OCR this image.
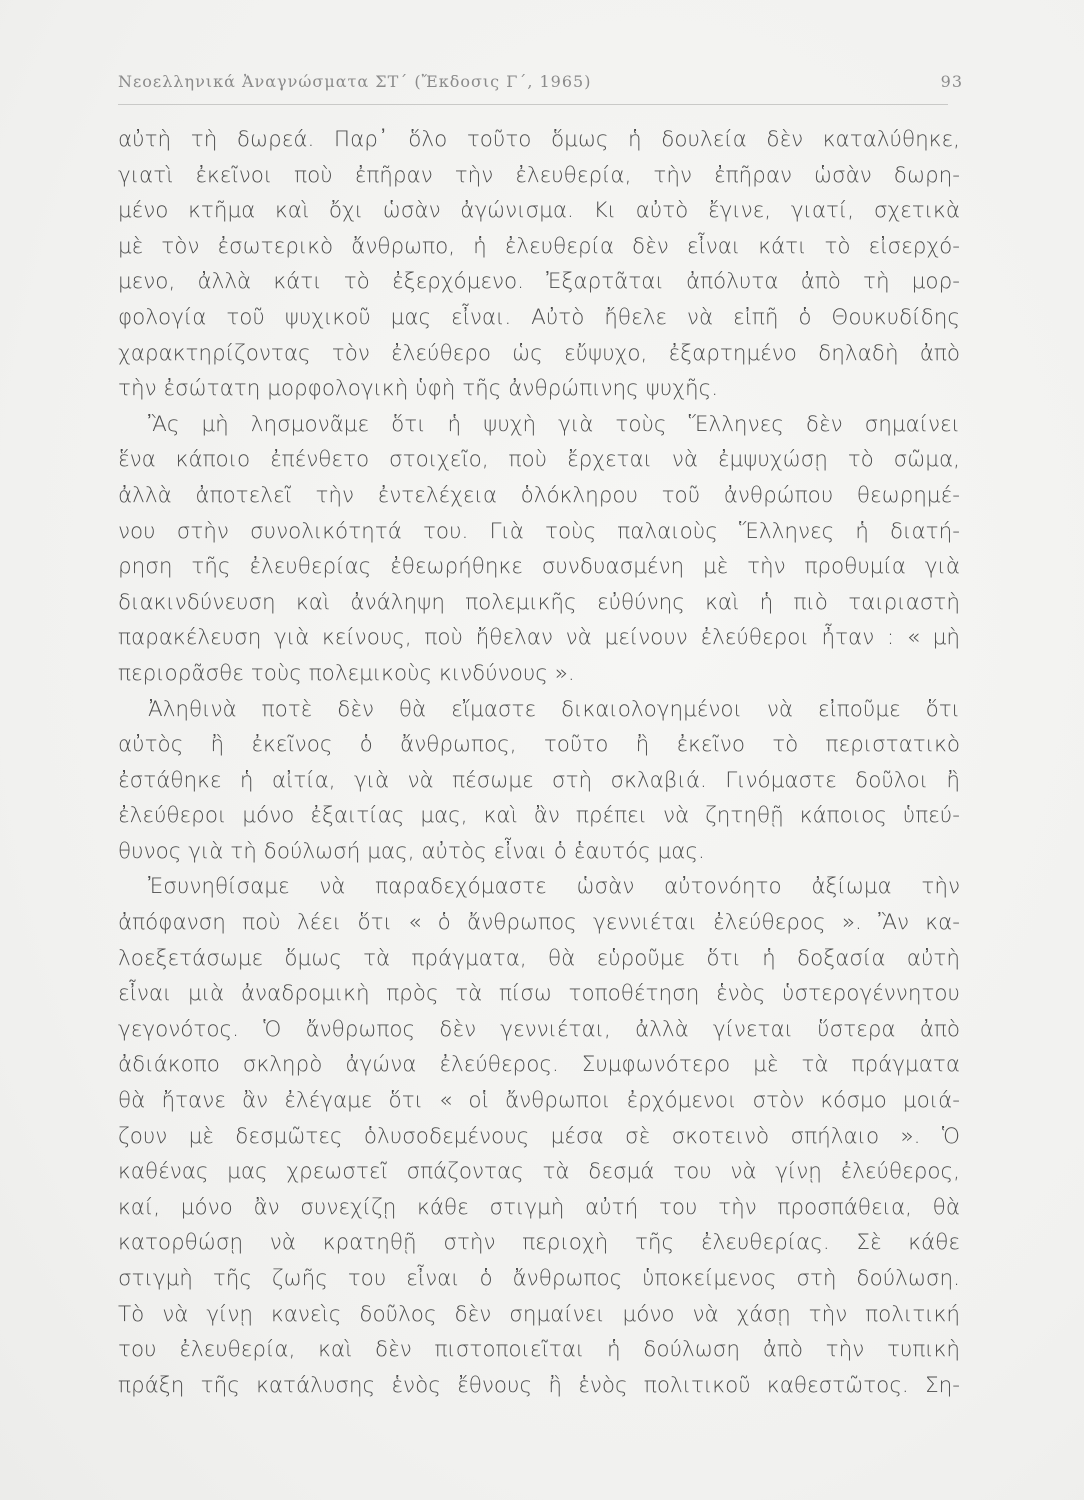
Νεοελληνικά Ἀναγνώσματα ΣΤ΄ (Ἔκδοσις Γ΄, 1965)	93
αὐτὴ τὴ δωρεά. Παρ᾽ ὅλο τοῦτο ὅμως ἡ δουλεία δὲν καταλύθηκε,
γιατὶ ἐκεῖνοι ποὺ ἐπῆραν τὴν ἐλευθερία, τὴν ἐπῆραν ὡσὰν δωρη-
μένο κτῆμα καὶ ὄχι ὡσὰν ἀγώνισμα. Κι αὐτὸ ἔγινε, γιατί, σχετικὰ
μὲ τὸν ἐσωτερικὸ ἄνθρωπο, ἡ ἐλευθερία δὲν εἶναι κάτι τὸ εἰσερχό-
μενο, ἀλλὰ κάτι τὸ ἐξερχόμενο. Ἐξαρτᾶται ἀπόλυτα ἀπὸ τὴ μορ-
φολογία τοῦ ψυχικοῦ μας εἶναι. Αὐτὸ ἤθελε νὰ εἰπῆ ὁ Θουκυδίδης
χαρακτηρίζοντας τὸν ἐλεύθερο ὡς εὔψυχο, ἐξαρτημένο δηλαδὴ ἀπὸ
τὴν ἐσώτατη μορφολογικὴ ὑφὴ τῆς ἀνθρώπινης ψυχῆς.
Ἂς μὴ λησμονᾶμε ὅτι ἡ ψυχὴ γιὰ τοὺς Ἕλληνες δὲν σημαίνει
ἕνα κάποιο ἐπένθετο στοιχεῖο, ποὺ ἔρχεται νὰ ἐμψυχώσῃ τὸ σῶμα,
ἀλλὰ ἀποτελεῖ τὴν ἐντελέχεια ὁλόκληρου τοῦ ἀνθρώπου θεωρημέ-
νου στὴν συνολικότητά του. Γιὰ τοὺς παλαιοὺς Ἕλληνες ἡ διατή-
ρηση τῆς ἐλευθερίας ἐθεωρήθηκε συνδυασμένη μὲ τὴν προθυμία γιὰ
διακινδύνευση καὶ ἀνάληψη πολεμικῆς εὐθύνης καὶ ἡ πιὸ ταιριαστὴ
παρακέλευση γιὰ κείνους, ποὺ ἤθελαν νὰ μείνουν ἐλεύθεροι ἦταν : « μὴ
περιορᾶσθε τοὺς πολεμικοὺς κινδύνους ».
Ἀληθινὰ ποτὲ δὲν θὰ εἴμαστε δικαιολογημένοι νὰ εἰποῦμε ὅτι
αὐτὸς ἢ ἐκεῖνος ὁ ἄνθρωπος, τοῦτο ἢ ἐκεῖνο τὸ περιστατικὸ
ἐστάθηκε ἡ αἰτία, γιὰ νὰ πέσωμε στὴ σκλαβιά. Γινόμαστε δοῦλοι ἢ
ἐλεύθεροι μόνο ἐξαιτίας μας, καὶ ἂν πρέπει νὰ ζητηθῇ κάποιος ὑπεύ-
θυνος γιὰ τὴ δούλωσή μας, αὐτὸς εἶναι ὁ ἑαυτός μας.
Ἐσυνηθίσαμε νὰ παραδεχόμαστε ὡσὰν αὐτονόητο ἀξίωμα τὴν
ἀπόφανση ποὺ λέει ὅτι « ὁ ἄνθρωπος γεννιέται ἐλεύθερος ». Ἂν κα-
λοεξετάσωμε ὅμως τὰ πράγματα, θὰ εὑροῦμε ὅτι ἡ δοξασία αὐτὴ
εἶναι μιὰ ἀναδρομικὴ πρὸς τὰ πίσω τοποθέτηση ἑνὸς ὑστερογέννητου
γεγονότος. Ὁ ἄνθρωπος δὲν γεννιέται, ἀλλὰ γίνεται ὕστερα ἀπὸ
ἀδιάκοπο σκληρὸ ἀγώνα ἐλεύθερος. Συμφωνότερο μὲ τὰ πράγματα
θὰ ἤτανε ἂν ἐλέγαμε ὅτι « οἱ ἄνθρωποι ἐρχόμενοι στὸν κόσμο μοιά-
ζουν μὲ δεσμῶτες ὁλυσοδεμένους μέσα σὲ σκοτεινὸ σπήλαιο ». Ὁ
καθένας μας χρεωστεῖ σπάζοντας τὰ δεσμά του νὰ γίνῃ ἐλεύθερος,
καί, μόνο ἂν συνεχίζῃ κάθε στιγμὴ αὐτή του τὴν προσπάθεια, θὰ
κατορθώσῃ νὰ κρατηθῇ στὴν περιοχὴ τῆς ἐλευθερίας. Σὲ κάθε
στιγμὴ τῆς ζωῆς του εἶναι ὁ ἄνθρωπος ὑποκείμενος στὴ δούλωση.
Τὸ νὰ γίνῃ κανεὶς δοῦλος δὲν σημαίνει μόνο νὰ χάσῃ τὴν πολιτική
του ἐλευθερία, καὶ δὲν πιστοποιεῖται ἡ δούλωση ἀπὸ τὴν τυπικὴ
πράξη τῆς κατάλυσης ἑνὸς ἔθνους ἢ ἑνὸς πολιτικοῦ καθεστῶτος. Ση-
